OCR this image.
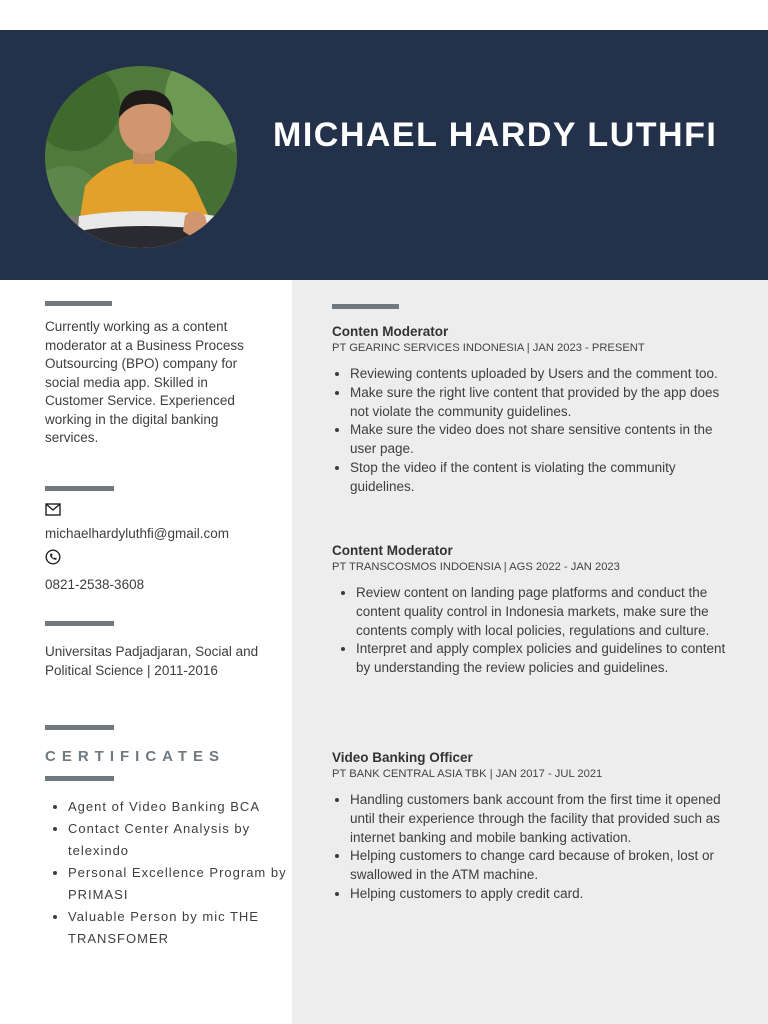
MICHAEL HARDY LUTHFI
Currently working as a content moderator at a Business Process Outsourcing (BPO) company for social media app. Skilled in Customer Service. Experienced working in the digital banking services.
michaelhardyluthfi@gmail.com
0821-2538-3608
Universitas Padjadjaran, Social and Political Science | 2011-2016
CERTIFICATES
• Agent of Video Banking BCA
• Contact Center Analysis by telexindo
• Personal Excellence Program by PRIMASI
• Valuable Person by mic THE TRANSFOMER
Conten Moderator
PT GEARINC SERVICES INDONESIA | JAN 2023 - PRESENT
• Reviewing contents uploaded by Users and the comment too.
• Make sure the right live content that provided by the app does not violate the community guidelines.
• Make sure the video does not share sensitive contents in the user page.
• Stop the video if the content is violating the community guidelines.
Content Moderator
PT TRANSCOSMOS INDOENSIA | AGS 2022 - JAN 2023
• Review content on landing page platforms and conduct the content quality control in Indonesia markets, make sure the contents comply with local policies, regulations and culture.
• Interpret and apply complex policies and guidelines to content by understanding the review policies and guidelines.
Video Banking Officer
PT BANK CENTRAL ASIA TBK | JAN 2017 - JUL 2021
• Handling customers bank account from the first time it opened until their experience through the facility that provided such as internet banking and mobile banking activation.
• Helping customers to change card because of broken, lost or swallowed in the ATM machine.
• Helping customers to apply credit card.
